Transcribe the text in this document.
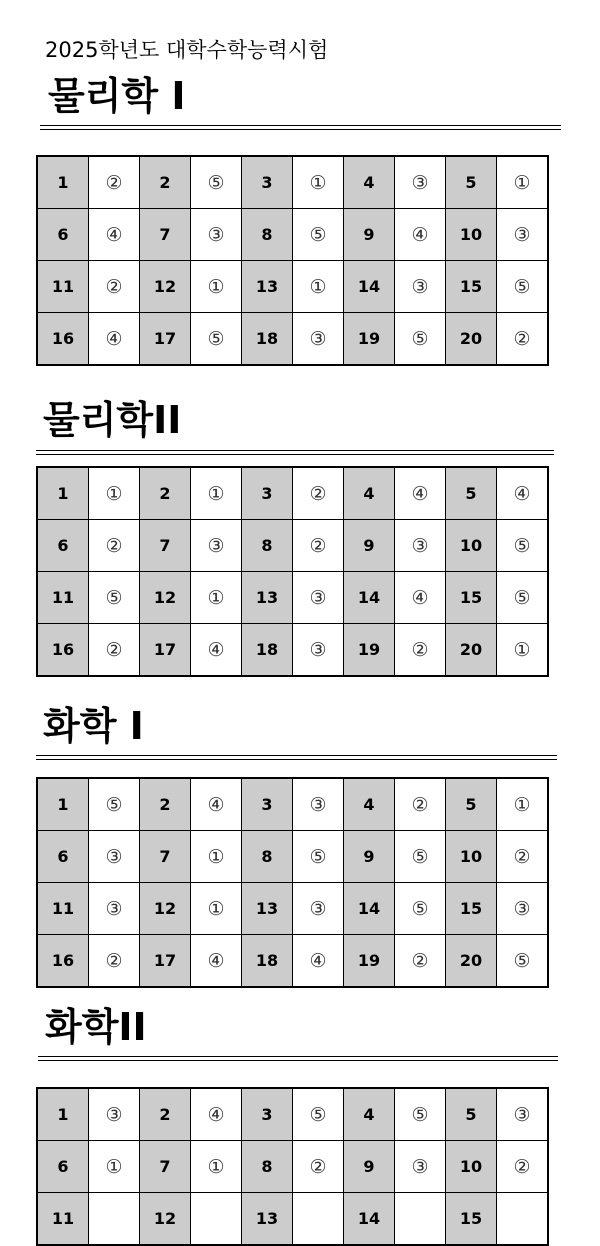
2025학년도 대학수학능력시험
물리학 I
1	②	2	⑤	3	①	4	③	5	①
6	④	7	③	8	⑤	9	④	10	③
11	②	12	①	13	①	14	③	15	⑤
16	④	17	⑤	18	③	19	⑤	20	②
물리학II
1	①	2	①	3	②	4	④	5	④
6	②	7	③	8	②	9	③	10	⑤
11	⑤	12	①	13	③	14	④	15	⑤
16	②	17	④	18	③	19	②	20	①
화학 I
1	⑤	2	④	3	③	4	②	5	①
6	③	7	①	8	⑤	9	⑤	10	②
11	③	12	①	13	③	14	⑤	15	③
16	②	17	④	18	④	19	②	20	⑤
화학II
1	③	2	④	3	⑤	4	⑤	5	③
6	①	7	①	8	②	9	③	10	②
11		12		13		14		15	
